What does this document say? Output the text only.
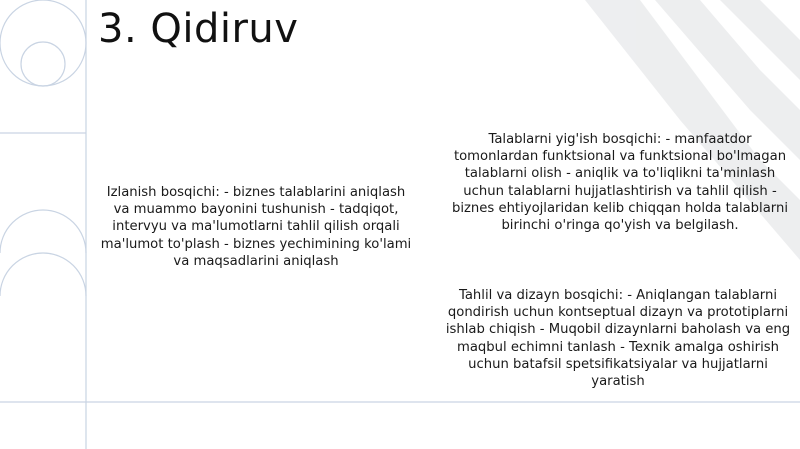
3. Qidiruv

Izlanish bosqichi: - biznes talablarini aniqlash va muammo bayonini tushunish - tadqiqot, intervyu va ma'lumotlarni tahlil qilish orqali ma'lumot to'plash - biznes yechimining ko'lami va maqsadlarini aniqlash

Talablarni yig'ish bosqichi: - manfaatdor tomonlardan funktsional va funktsional bo'lmagan talablarni olish - aniqlik va to'liqlikni ta'minlash uchun talablarni hujjatlashtirish va tahlil qilish - biznes ehtiyojlaridan kelib chiqqan holda talablarni birinchi o'ringa qo'yish va belgilash.

Tahlil va dizayn bosqichi: - Aniqlangan talablarni qondirish uchun kontseptual dizayn va prototiplarni ishlab chiqish - Muqobil dizaynlarni baholash va eng maqbul echimni tanlash - Texnik amalga oshirish uchun batafsil spetsifikatsiyalar va hujjatlarni yaratish
